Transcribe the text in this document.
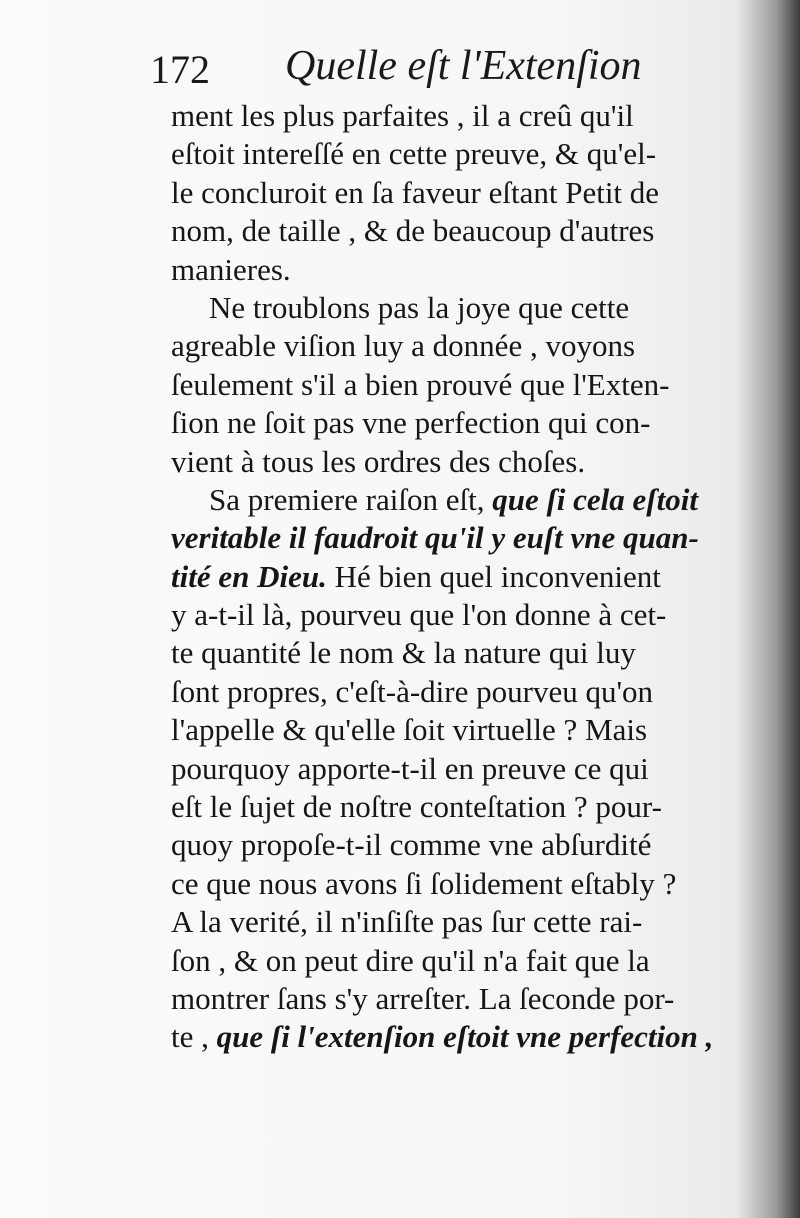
172 Quelle eſt l'Extenſion
ment les plus parfaites , il a creû qu'il
eſtoit intereſſé en cette preuve, & qu'el-
le concluroit en ſa faveur eſtant Petit de
nom, de taille , & de beaucoup d'autres
manieres.
Ne troublons pas la joye que cette
agreable viſion luy a donnée , voyons
ſeulement s'il a bien prouvé que l'Exten-
ſion ne ſoit pas vne perfection qui con-
vient à tous les ordres des choſes.
Sa premiere raiſon eſt, que ſi cela eſtoit
veritable il faudroit qu'il y euſt vne quan-
tité en Dieu. Hé bien quel inconvenient
y a-t-il là, pourveu que l'on donne à cet-
te quantité le nom & la nature qui luy
ſont propres, c'eſt-à-dire pourveu qu'on
l'appelle & qu'elle ſoit virtuelle ? Mais
pourquoy apporte-t-il en preuve ce qui
eſt le ſujet de noſtre conteſtation ? pour-
quoy propoſe-t-il comme vne abſurdité
ce que nous avons ſi ſolidement eſtably ?
A la verité, il n'inſiſte pas ſur cette rai-
ſon , & on peut dire qu'il n'a fait que la
montrer ſans s'y arreſter. La ſeconde por-
te , que ſi l'extenſion eſtoit vne perfection ,
